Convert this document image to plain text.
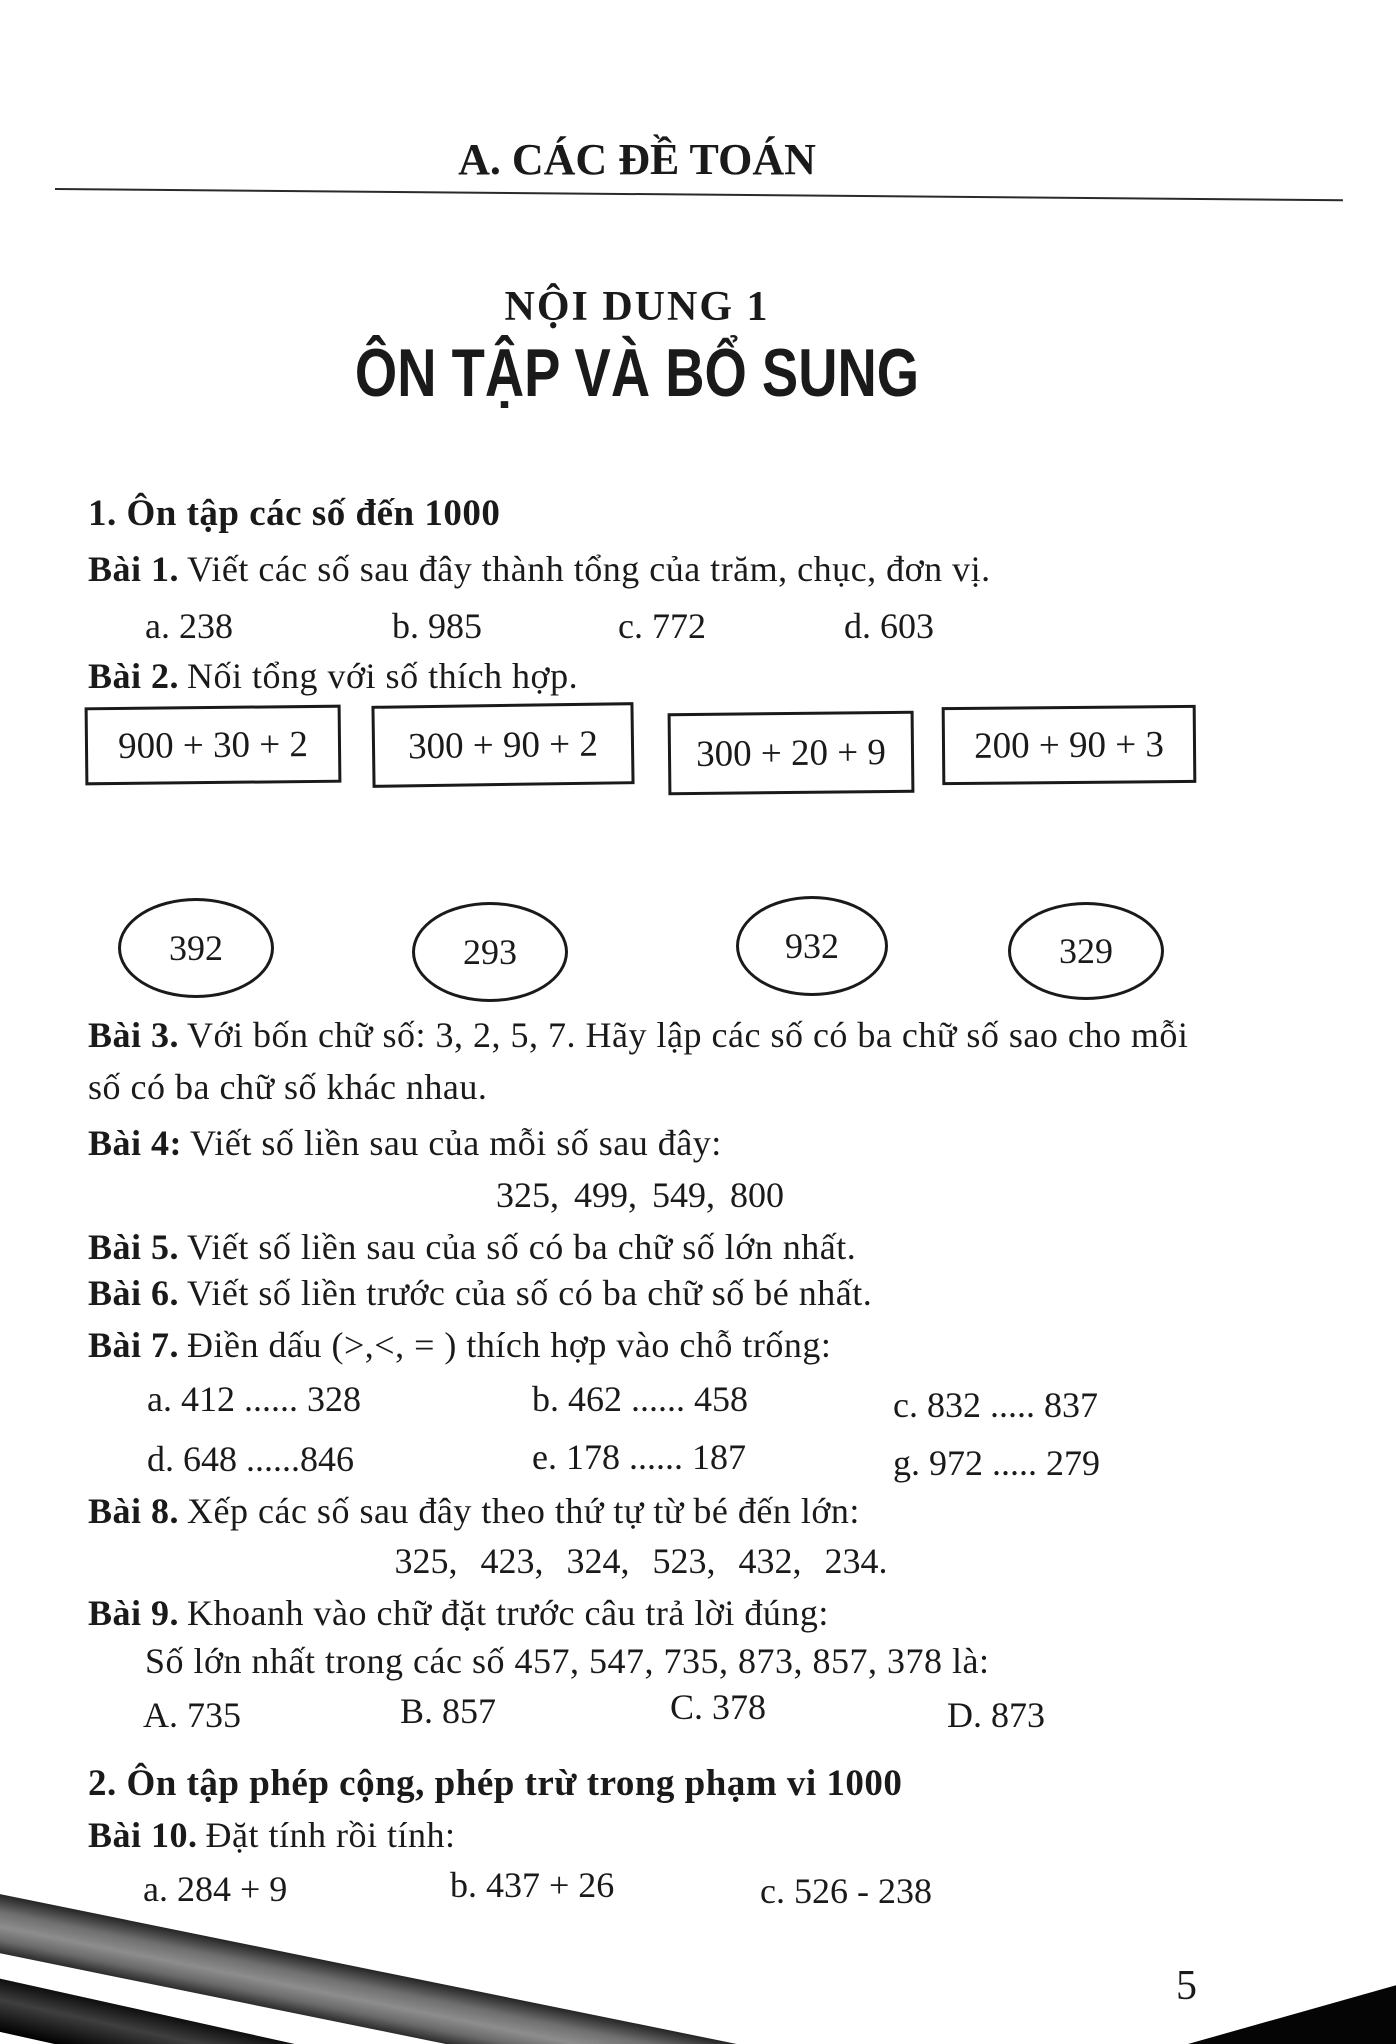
A. CÁC ĐỀ TOÁN
NỘI DUNG 1
ÔN TẬP VÀ BỔ SUNG
1. Ôn tập các số đến 1000
Bài 1. Viết các số sau đây thành tổng của trăm, chục, đơn vị.
a. 238	b. 985	c. 772	d. 603
Bài 2. Nối tổng với số thích hợp.
900 + 30 + 2	300 + 90 + 2	300 + 20 + 9	200 + 90 + 3
392	293	932	329
Bài 3. Với bốn chữ số: 3, 2, 5, 7. Hãy lập các số có ba chữ số sao cho mỗi
số có ba chữ số khác nhau.
Bài 4: Viết số liền sau của mỗi số sau đây:
325, 499, 549, 800
Bài 5. Viết số liền sau của số có ba chữ số lớn nhất.
Bài 6. Viết số liền trước của số có ba chữ số bé nhất.
Bài 7. Điền dấu (>,<, = ) thích hợp vào chỗ trống:
a. 412 ...... 328	b. 462 ...... 458	c. 832 ..... 837
d. 648 ......846	e. 178 ...... 187	g. 972 ..... 279
Bài 8. Xếp các số sau đây theo thứ tự từ bé đến lớn:
325, 423, 324, 523, 432, 234.
Bài 9. Khoanh vào chữ đặt trước câu trả lời đúng:
Số lớn nhất trong các số 457, 547, 735, 873, 857, 378 là:
A. 735	B. 857	C. 378	D. 873
2. Ôn tập phép cộng, phép trừ trong phạm vi 1000
Bài 10. Đặt tính rồi tính:
a. 284 + 9	b. 437 + 26	c. 526 - 238
5
